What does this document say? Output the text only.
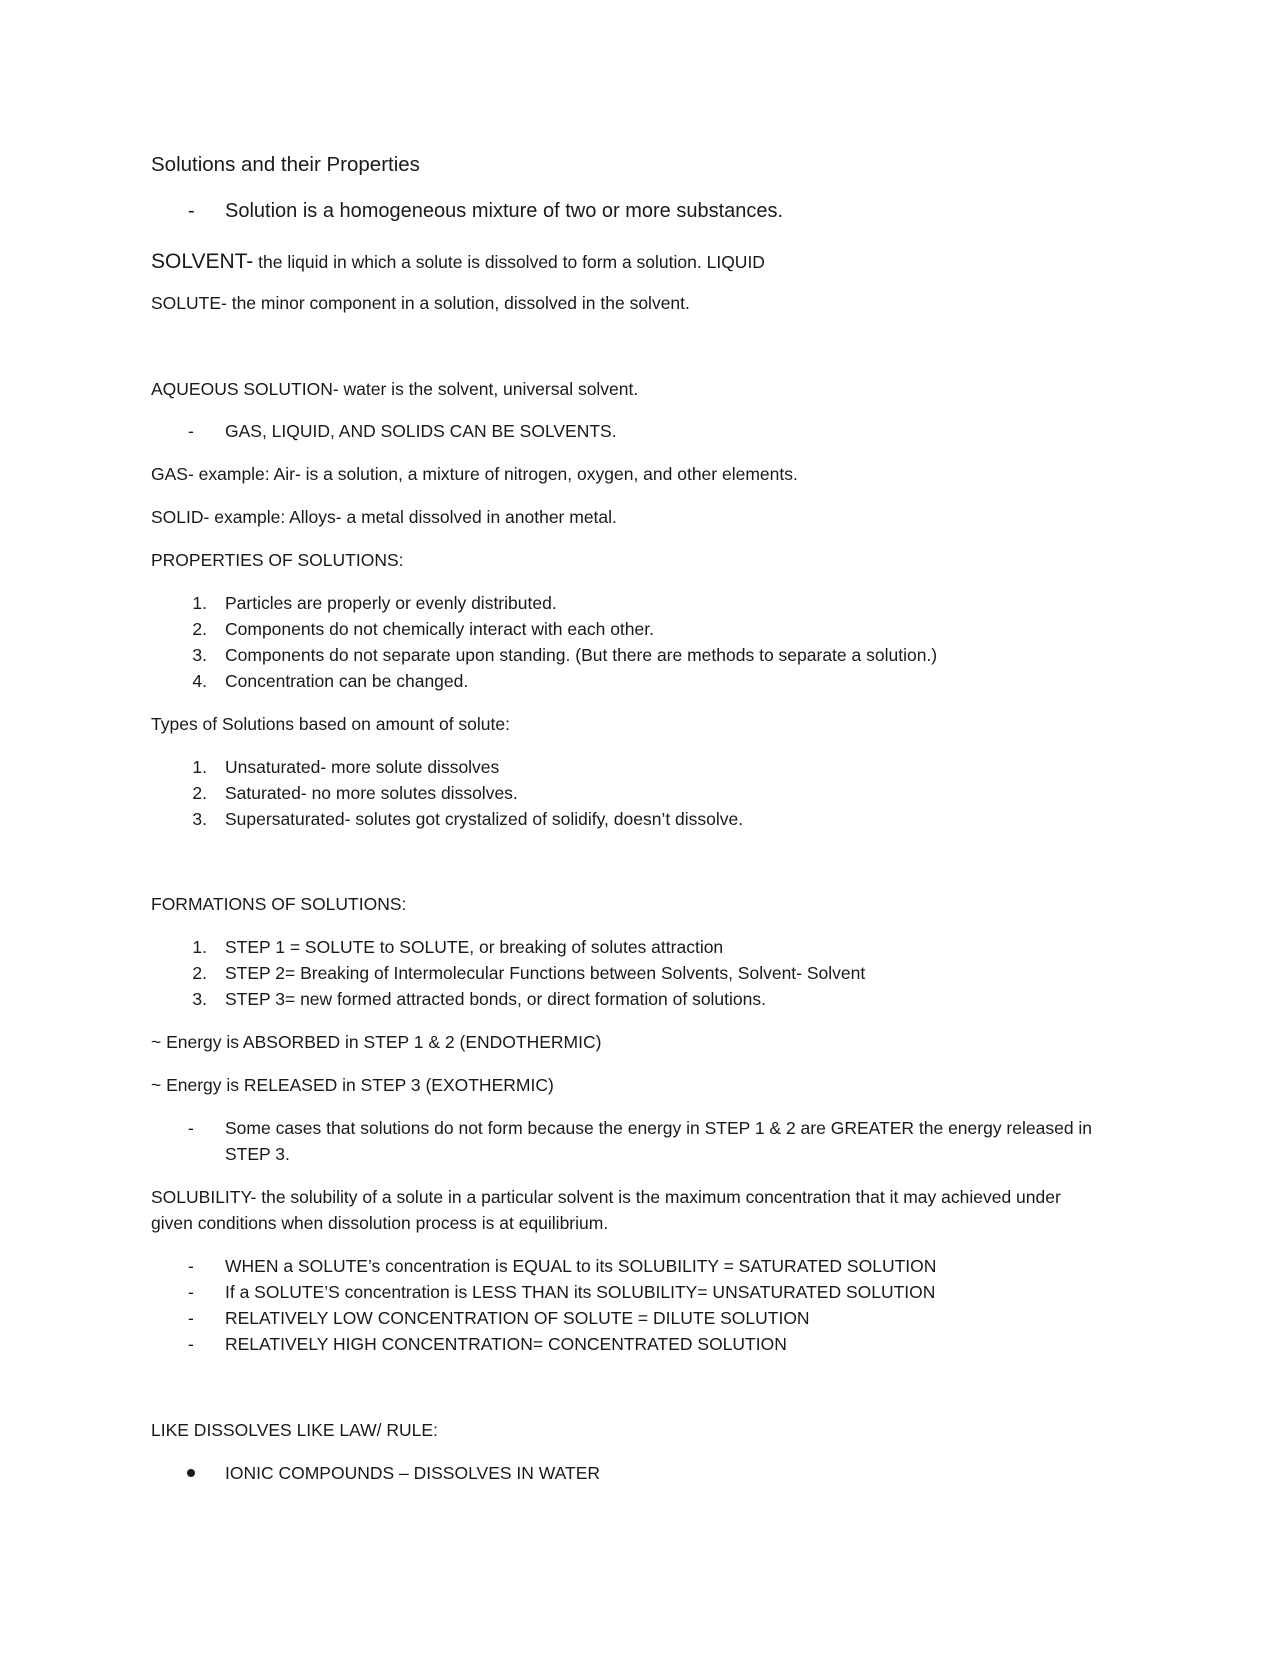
Solutions and their Properties

- Solution is a homogeneous mixture of two or more substances.

SOLVENT- the liquid in which a solute is dissolved to form a solution. LIQUID

SOLUTE- the minor component in a solution, dissolved in the solvent.

AQUEOUS SOLUTION- water is the solvent, universal solvent.

- GAS, LIQUID, AND SOLIDS CAN BE SOLVENTS.

GAS- example: Air- is a solution, a mixture of nitrogen, oxygen, and other elements.

SOLID- example: Alloys- a metal dissolved in another metal.

PROPERTIES OF SOLUTIONS:

1. Particles are properly or evenly distributed.

2. Components do not chemically interact with each other.

3. Components do not separate upon standing. (But there are methods to separate a solution.)

4. Concentration can be changed.

Types of Solutions based on amount of solute:

1. Unsaturated- more solute dissolves

2. Saturated- no more solutes dissolves.

3. Supersaturated- solutes got crystalized of solidify, doesn’t dissolve.

FORMATIONS OF SOLUTIONS:

1. STEP 1 = SOLUTE to SOLUTE, or breaking of solutes attraction

2. STEP 2= Breaking of Intermolecular Functions between Solvents, Solvent- Solvent

3. STEP 3= new formed attracted bonds, or direct formation of solutions.

~ Energy is ABSORBED in STEP 1 & 2 (ENDOTHERMIC)

~ Energy is RELEASED in STEP 3 (EXOTHERMIC)

- Some cases that solutions do not form because the energy in STEP 1 & 2 are GREATER the energy released in

STEP 3.

SOLUBILITY- the solubility of a solute in a particular solvent is the maximum concentration that it may achieved under

given conditions when dissolution process is at equilibrium.

- WHEN a SOLUTE’s concentration is EQUAL to its SOLUBILITY = SATURATED SOLUTION

- If a SOLUTE’S concentration is LESS THAN its SOLUBILITY= UNSATURATED SOLUTION

- RELATIVELY LOW CONCENTRATION OF SOLUTE = DILUTE SOLUTION

- RELATIVELY HIGH CONCENTRATION= CONCENTRATED SOLUTION

LIKE DISSOLVES LIKE LAW/ RULE:

IONIC COMPOUNDS – DISSOLVES IN WATER
